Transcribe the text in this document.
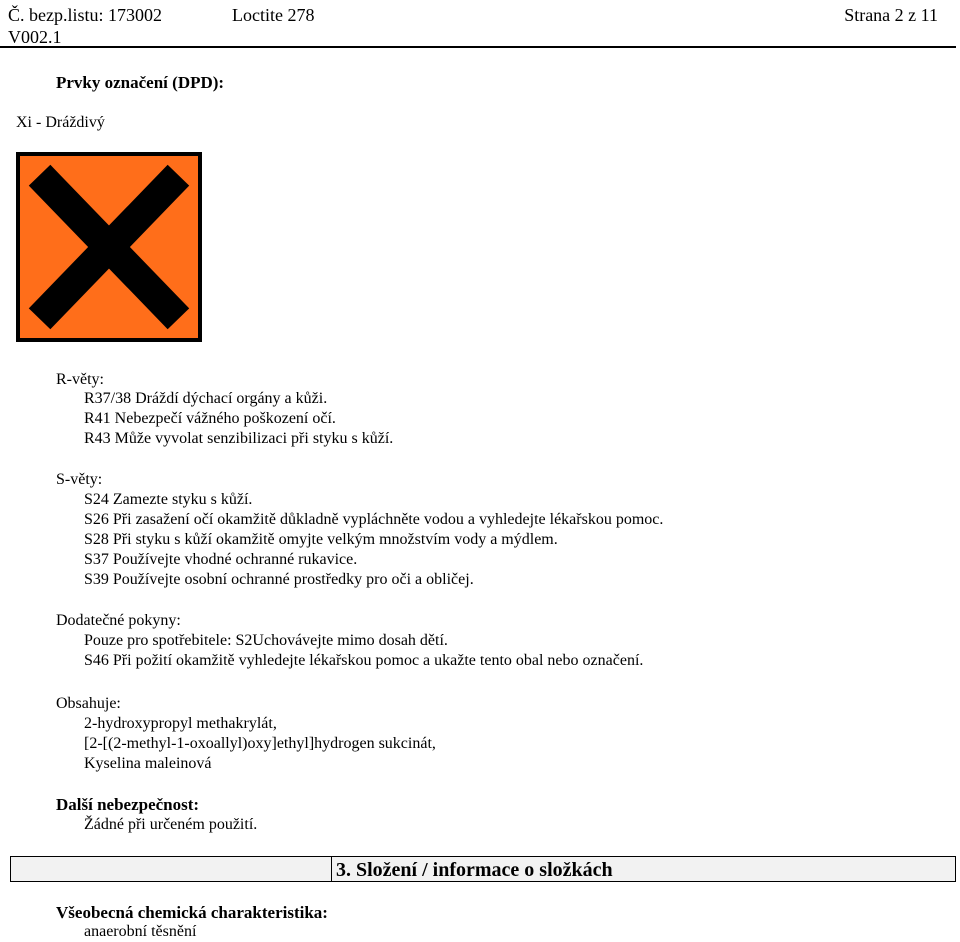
Č. bezp.listu: 173002
V002.1
Loctite 278	Strana 2 z 11
Prvky označení (DPD):
Xi - Dráždivý
R-věty:
R37/38 Dráždí dýchací orgány a kůži.
R41 Nebezpečí vážného poškození očí.
R43 Může vyvolat senzibilizaci při styku s kůží.
S-věty:
S24 Zamezte styku s kůží.
S26 Při zasažení očí okamžitě důkladně vypláchněte vodou a vyhledejte lékařskou pomoc.
S28 Při styku s kůží okamžitě omyjte velkým množstvím vody a mýdlem.
S37 Používejte vhodné ochranné rukavice.
S39 Používejte osobní ochranné prostředky pro oči a obličej.
Dodatečné pokyny:
Pouze pro spotřebitele: S2Uchovávejte mimo dosah dětí.
S46 Při požití okamžitě vyhledejte lékařskou pomoc a ukažte tento obal nebo označení.
Obsahuje:
2-hydroxypropyl methakrylát,
[2-[(2-methyl-1-oxoallyl)oxy]ethyl]hydrogen sukcinát,
Kyselina maleinová
Další nebezpečnost:
Žádné při určeném použití.
3. Složení / informace o složkách
Všeobecná chemická charakteristika:
anaerobní těsnění
